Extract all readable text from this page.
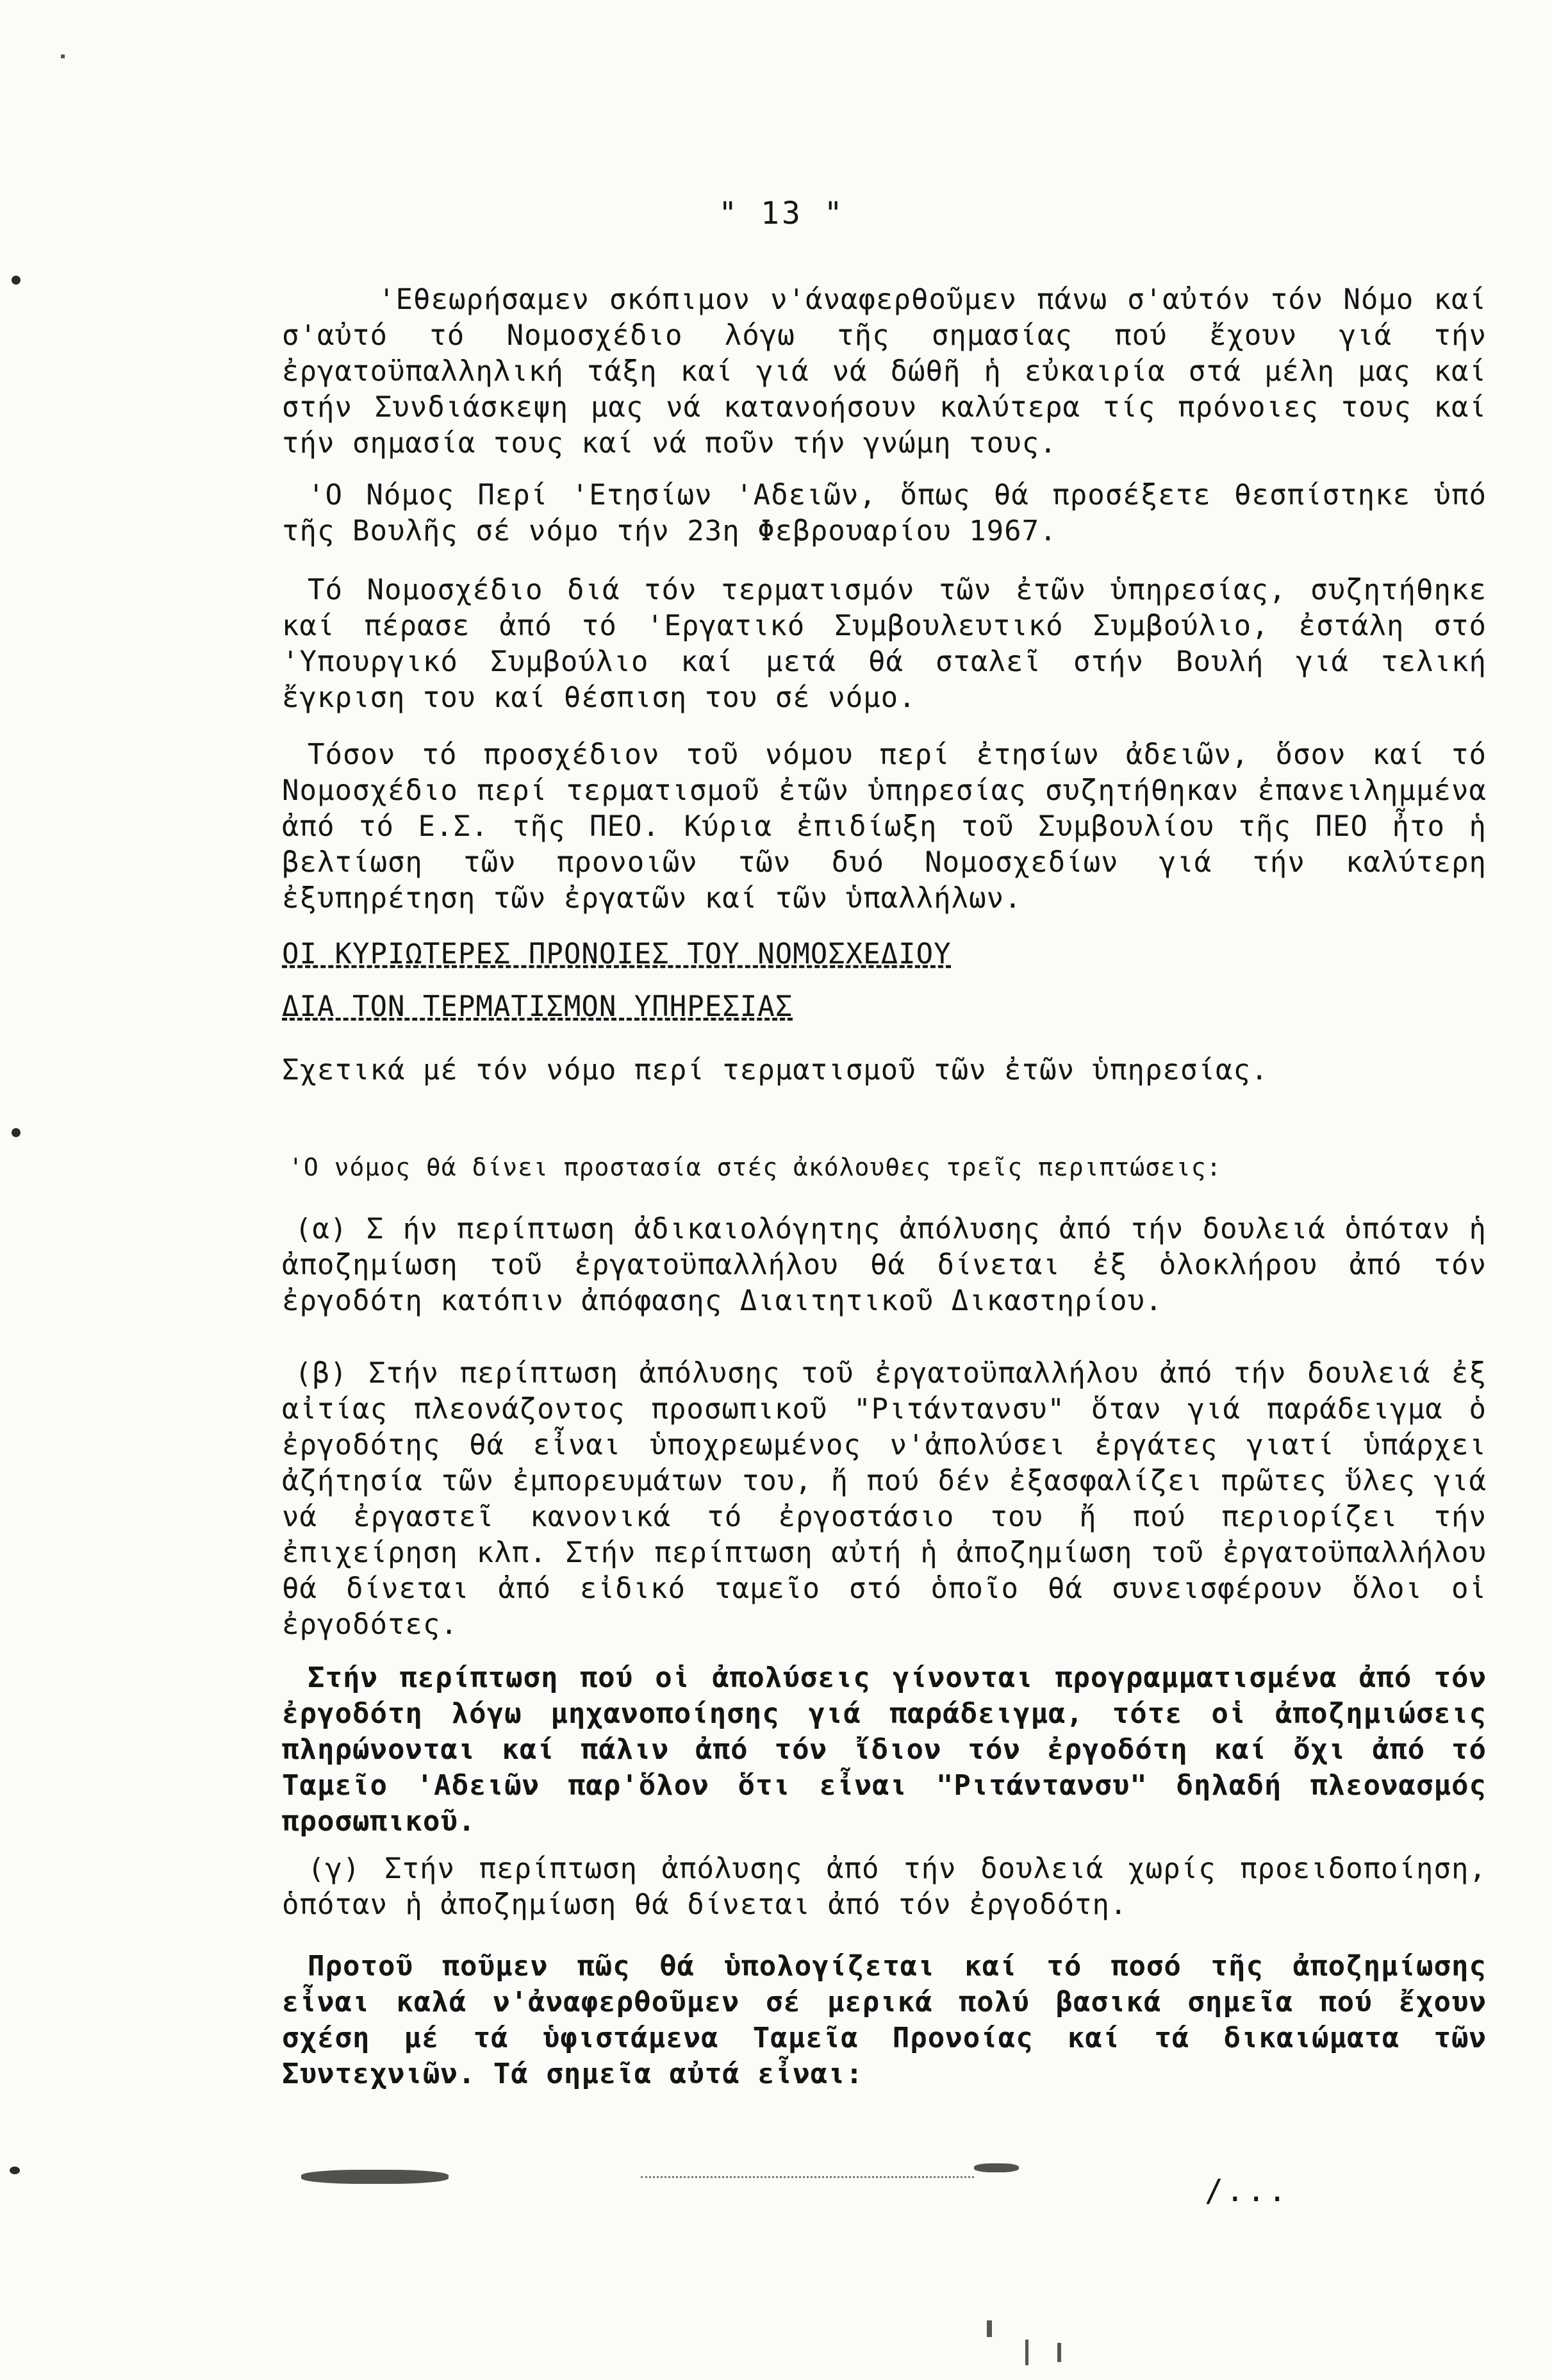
" 13 "
'Εθεωρήσαμεν σκόπιμον ν'άναφερθοῦμεν πάνω σ'αὐτόν τόν Νόμο καί σ'αὐτό τό Νομοσχέδιο λόγω τῆς σημασίας πού ἔχουν γιά τήν ἐργατοϋπαλληλική τάξη καί γιά νά δώθῆ ἡ εὐκαιρία στά μέλη μας καί στήν Συνδιάσκεψη μας νά κατανοήσουν καλύτερα τίς πρόνοιες τους καί τήν σημασία τους καί νά ποῦν τήν γνώμη τους.
'Ο Νόμος Περί 'Ετησίων 'Αδειῶν, ὅπως θά προσέξετε θεσπίστηκε ὑπό τῆς Βουλῆς σέ νόμο τήν 23η Φεβρουαρίου 1967.
Τό Νομοσχέδιο διά τόν τερματισμόν τῶν ἐτῶν ὑπηρεσίας, συζητήθηκε καί πέρασε ἀπό τό 'Εργατικό Συμβουλευτικό Συμβούλιο, ἐστάλη στό 'Υπουργικό Συμβούλιο καί μετά θά σταλεῖ στήν Βουλή γιά τελική ἔγκριση του καί θέσπιση του σέ νόμο.
Τόσον τό προσχέδιον τοῦ νόμου περί ἐτησίων ἀδειῶν, ὅσον καί τό Νομοσχέδιο περί τερματισμοῦ ἐτῶν ὑπηρεσίας συζητήθηκαν ἐπανειλημμένα ἀπό τό Ε.Σ. τῆς ΠΕΟ. Κύρια ἐπιδίωξη τοῦ Συμβουλίου τῆς ΠΕΟ ἦτο ἡ βελτίωση τῶν προνοιῶν τῶν δυό Νομοσχεδίων γιά τήν καλύτερη ἐξυπηρέτηση τῶν ἐργατῶν καί τῶν ὑπαλλήλων.
ΟΙ ΚΥΡΙΩΤΕΡΕΣ ΠΡΟΝΟΙΕΣ ΤΟΥ ΝΟΜΟΣΧΕΔΙΟΥ
ΔΙΑ ΤΟΝ ΤΕΡΜΑΤΙΣΜΟΝ ΥΠΗΡΕΣΙΑΣ
Σχετικά μέ τόν νόμο περί τερματισμοῦ τῶν ἐτῶν ὑπηρεσίας.
'Ο νόμος θά δίνει προστασία στές ἀκόλουθες τρεῖς περιπτώσεις:
(α) Σ ήν περίπτωση ἀδικαιολόγητης ἀπόλυσης ἀπό τήν δουλειά ὁπόταν ἡ ἀποζημίωση τοῦ ἐργατοϋπαλλήλου θά δίνεται ἐξ ὁλοκλήρου ἀπό τόν ἐργοδότη κατόπιν ἀπόφασης Διαιτητικοῦ Δικαστηρίου.
(β) Στήν περίπτωση ἀπόλυσης τοῦ ἐργατοϋπαλλήλου ἀπό τήν δουλειά ἐξ αἰτίας πλεονάζοντος προσωπικοῦ "Ριτάντανσυ" ὅταν γιά παράδειγμα ὁ ἐργοδότης θά εἶναι ὑποχρεωμένος ν'ἀπολύσει ἐργάτες γιατί ὑπάρχει ἀζήτησία τῶν ἐμπορευμάτων του, ἤ πού δέν ἐξασφαλίζει πρῶτες ὕλες γιά νά ἐργαστεῖ κανονικά τό ἐργοστάσιο του ἤ πού περιορίζει τήν ἐπιχείρηση κλπ. Στήν περίπτωση αὐτή ἡ ἀποζημίωση τοῦ ἐργατοϋπαλλήλου θά δίνεται ἀπό εἰδικό ταμεῖο στό ὁποῖο θά συνεισφέρουν ὅλοι οἱ ἐργοδότες.
Στήν περίπτωση πού οἱ ἀπολύσεις γίνονται προγραμματισμένα ἀπό τόν ἐργοδότη λόγω μηχανοποίησης γιά παράδειγμα, τότε οἱ ἀποζημιώσεις πληρώνονται καί πάλιν ἀπό τόν ἴδιον τόν ἐργοδότη καί ὄχι ἀπό τό Ταμεῖο 'Αδειῶν παρ'ὅλον ὅτι εἶναι "Ριτάντανσυ" δηλαδή πλεονασμός προσωπικοῦ.
(γ) Στήν περίπτωση ἀπόλυσης ἀπό τήν δουλειά χωρίς προειδοποίηση, ὁπόταν ἡ ἀποζημίωση θά δίνεται ἀπό τόν ἐργοδότη.
Προτοῦ ποῦμεν πῶς θά ὑπολογίζεται καί τό ποσό τῆς ἀποζημίωσης εἶναι καλά ν'ἀναφερθοῦμεν σέ μερικά πολύ βασικά σημεῖα πού ἔχουν σχέση μέ τά ὑφιστάμενα Ταμεῖα Προνοίας καί τά δικαιώματα τῶν Συντεχνιῶν. Τά σημεῖα αὐτά εἶναι:
/...
